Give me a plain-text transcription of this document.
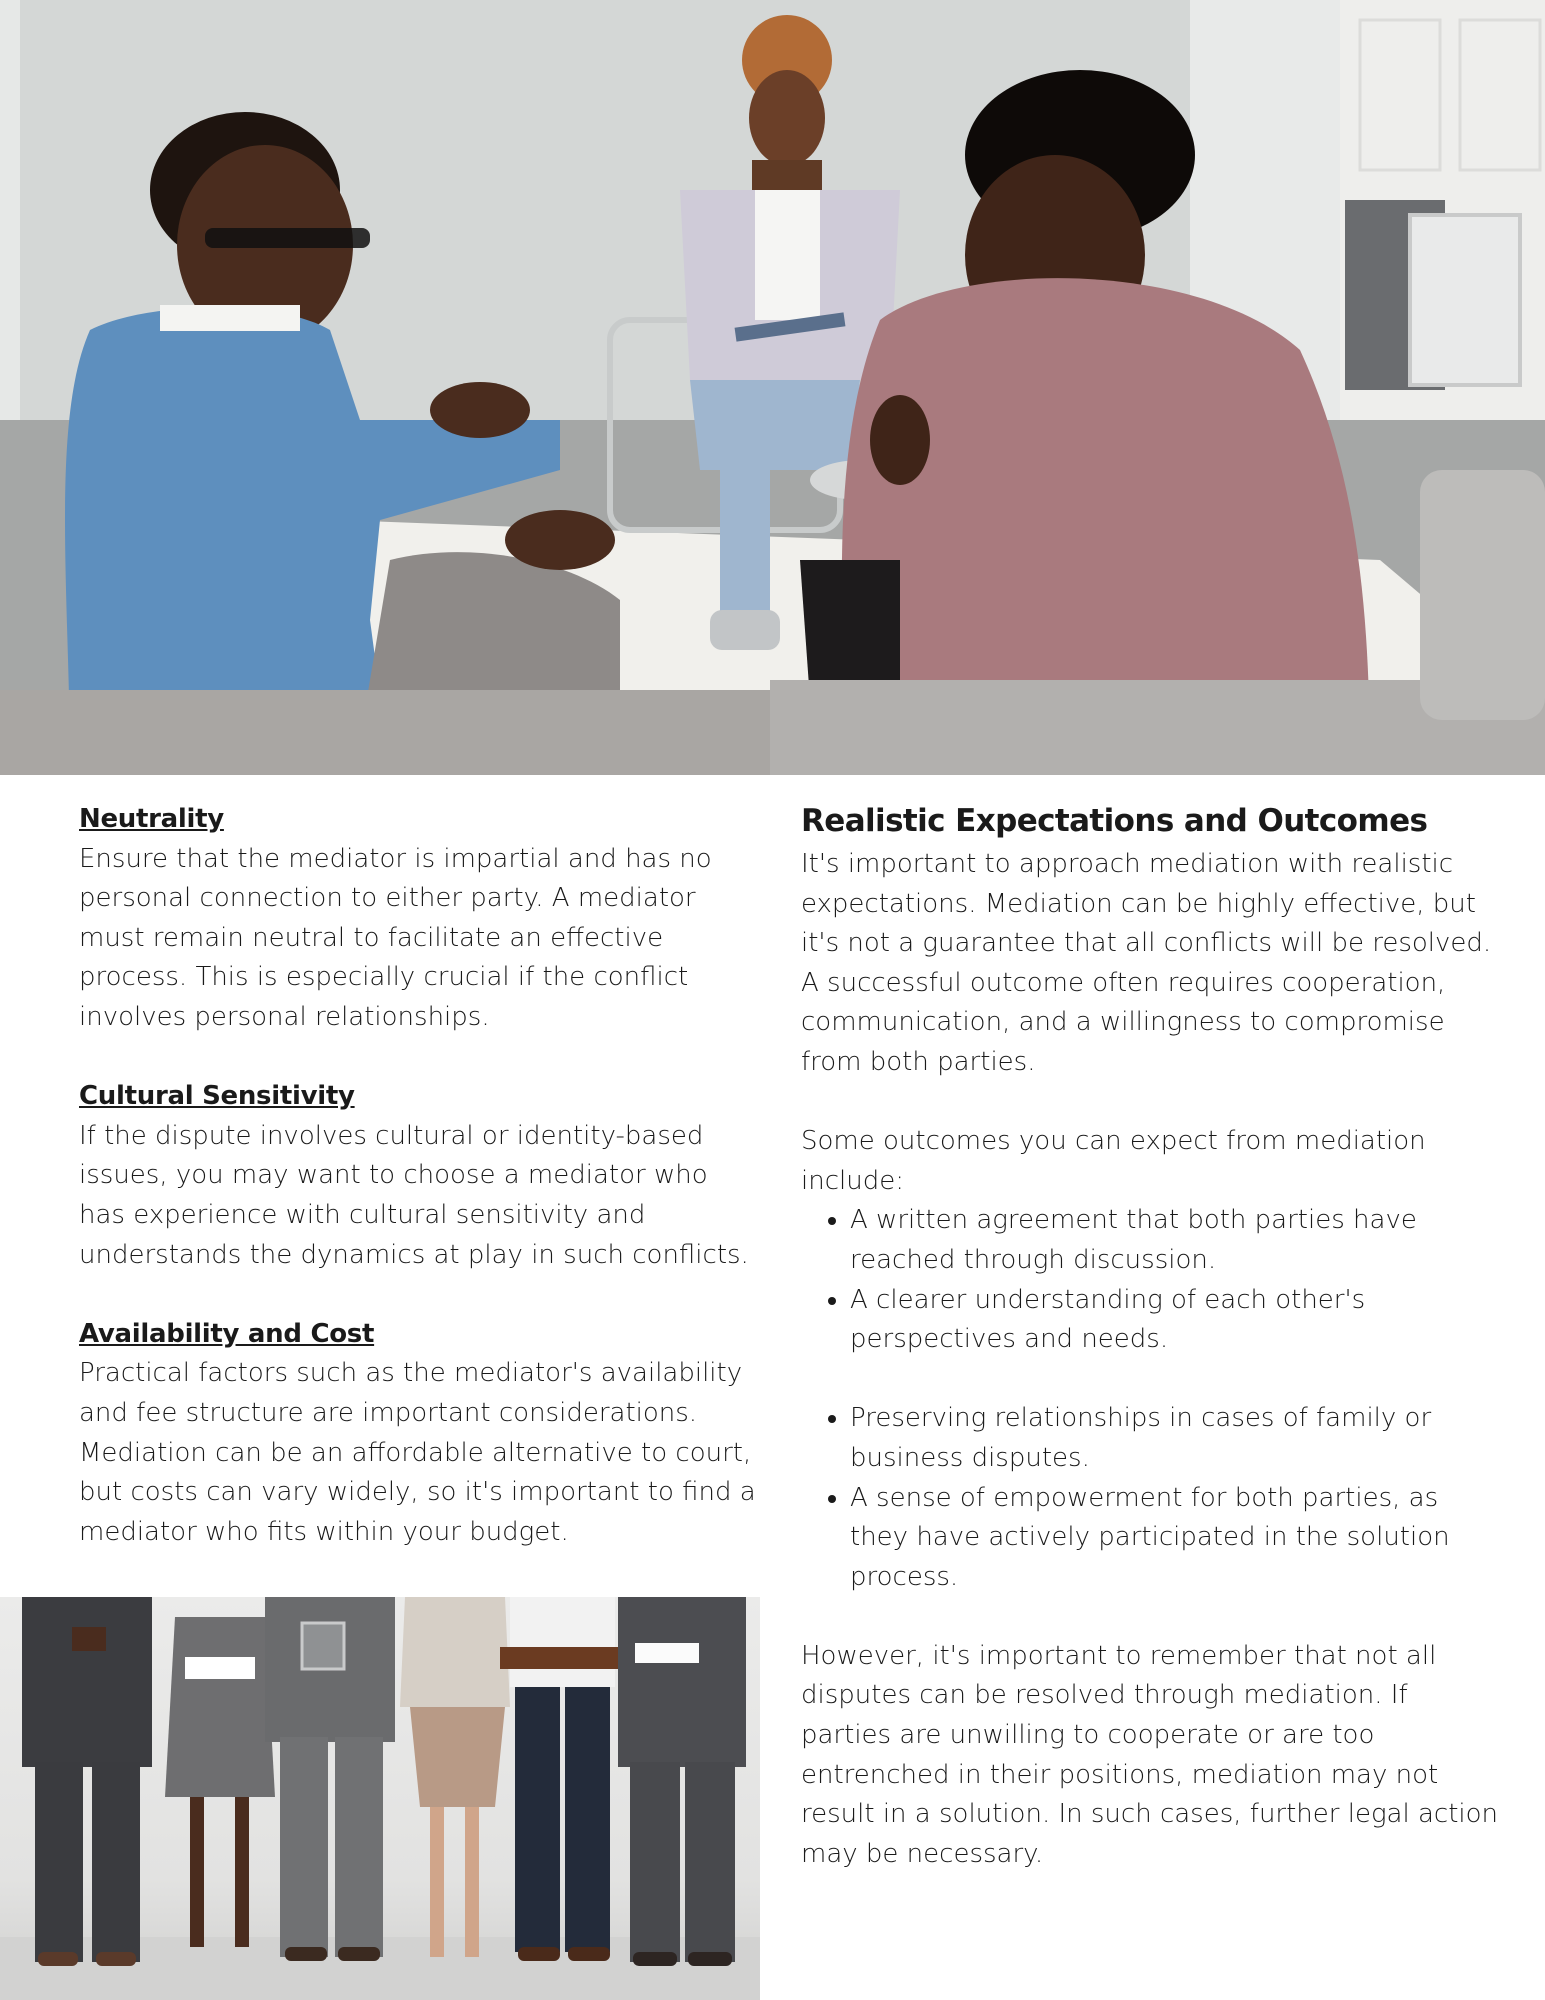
Neutrality

Ensure that the mediator is impartial and has no personal connection to either party. A mediator must remain neutral to facilitate an effective process. This is especially crucial if the conflict involves personal relationships.

Cultural Sensitivity

If the dispute involves cultural or identity-based issues, you may want to choose a mediator who has experience with cultural sensitivity and understands the dynamics at play in such conflicts.

Availability and Cost

Practical factors such as the mediator's availability and fee structure are important considerations. Mediation can be an affordable alternative to court, but costs can vary widely, so it's important to find a mediator who fits within your budget.

Realistic Expectations and Outcomes

It's important to approach mediation with realistic expectations. Mediation can be highly effective, but it's not a guarantee that all conflicts will be resolved. A successful outcome often requires cooperation, communication, and a willingness to compromise from both parties.

Some outcomes you can expect from mediation include:

• A written agreement that both parties have reached through discussion.
• A clearer understanding of each other's perspectives and needs.
• Preserving relationships in cases of family or business disputes.
• A sense of empowerment for both parties, as they have actively participated in the solution process.

However, it's important to remember that not all disputes can be resolved through mediation. If parties are unwilling to cooperate or are too entrenched in their positions, mediation may not result in a solution. In such cases, further legal action may be necessary.
